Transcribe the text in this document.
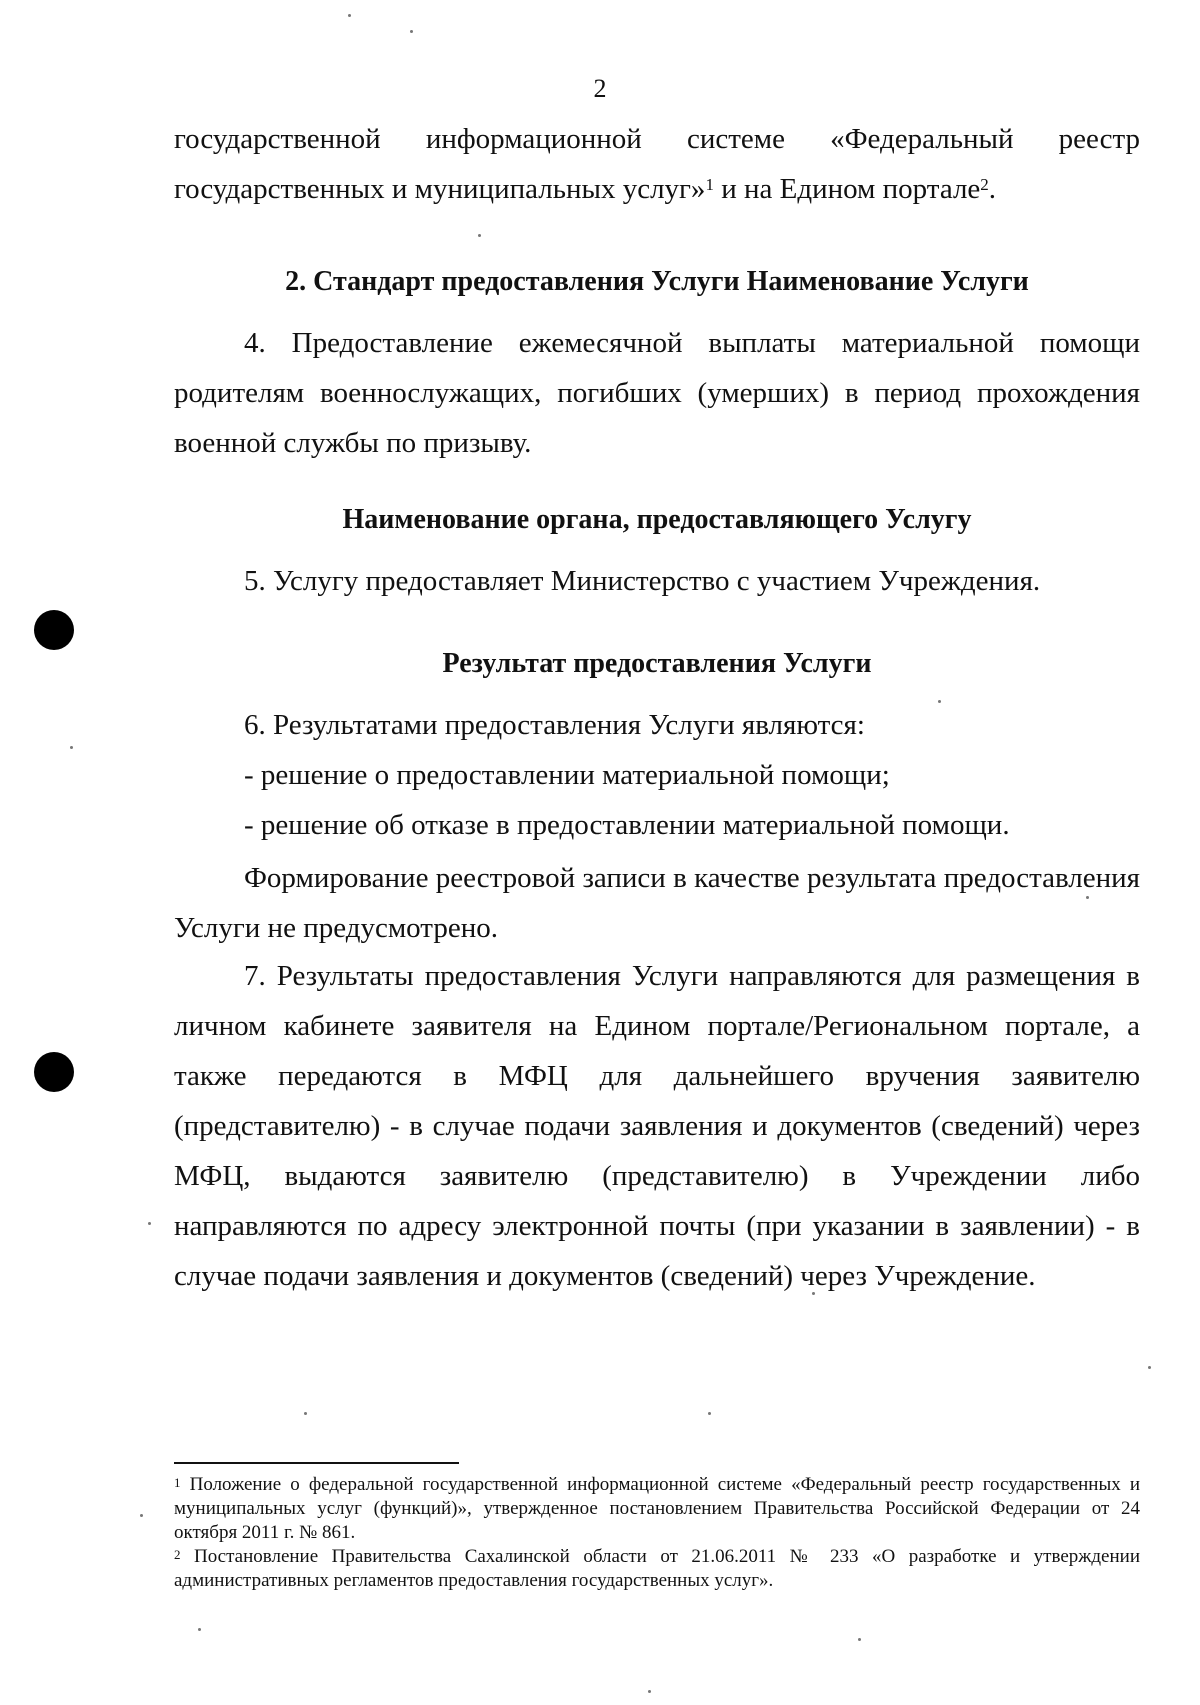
2

государственной информационной системе «Федеральный реестр государственных и муниципальных услуг»$^1$ и на Едином портале$^2$.

2. Стандарт предоставления Услуги Наименование Услуги

4. Предоставление ежемесячной выплаты материальной помощи родителям военнослужащих, погибших (умерших) в период прохождения военной службы по призыву.

Наименование органа, предоставляющего Услугу
5. Услугу предоставляет Министерство с участием Учреждения.
Результат предоставления Услуги
6. Результатами предоставления Услуги являются:
- решение о предоставлении материальной помощи;
- решение об отказе в предоставлении материальной помощи.

Формирование реестровой записи в качестве результата предоставления Услуги не предусмотрено.

7. Результаты предоставления Услуги направляются для размещения в личном кабинете заявителя на Едином портале/Региональном портале, а также передаются в МФЦ для дальнейшего вручения заявителю (представителю) - в случае подачи заявления и документов (сведений) через МФЦ, выдаются заявителю (представителю) в Учреждении либо направляются по адресу электронной почты (при указании в заявлении) - в случае подачи заявления и документов (сведений) через Учреждение.

$^1$ Положение о федеральной государственной информационной системе «Федеральный реестр государственных и муниципальных услуг (функций)», утвержденное постановлением Правительства Российской Федерации от 24 октября 2011 г. № 861.

$^2$ Постановление Правительства Сахалинской области от 21.06.2011 № 233 «О разработке и утверждении административных регламентов предоставления государственных услуг».
